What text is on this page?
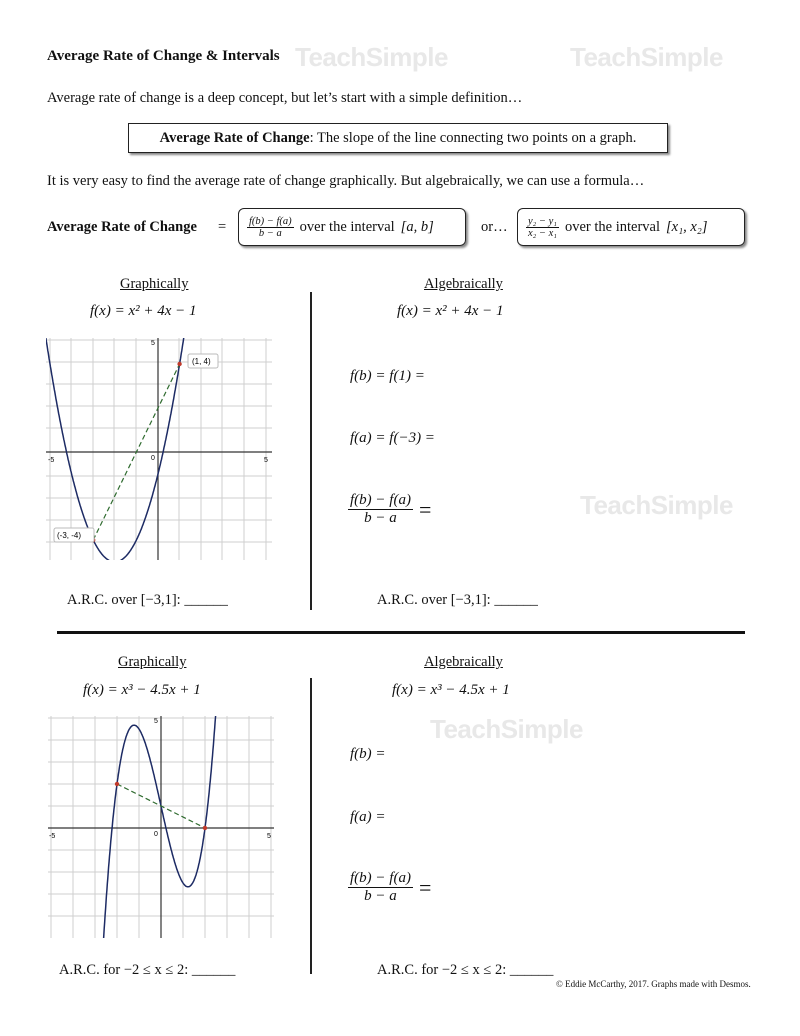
TeachSimple	TeachSimple
TeachSimple
TeachSimple
Average Rate of Change & Intervals
Average rate of change is a deep concept, but let’s start with a simple definition…
Average Rate of Change: The slope of the line connecting two points on a graph.
It is very easy to find the average rate of change graphically. But algebraically, we can use a formula…
Average Rate of Change = $\frac{f(b) - f(a)}{b - a}$ over the interval [a, b]	or… $\frac{\text{y₂ − y₁}}{\text{x₂ − x₁}}$ over the interval [x₁, x₂]
Graphically	Algebraically
f(x) = x² + 4x − 1	f(x) = x² + 4x − 1
-5	5
5
0
(-3, -4)
(1, 4)
f(b) = f(1) =
f(a) = f(−3) =
$\frac{f(b) - f(a)}{b - a}$ =
A.R.C. over [−3,1]: ______	A.R.C. over [−3,1]: ______
Graphically	Algebraically
f(x) = x³ − 4.5x + 1	f(x) = x³ − 4.5x + 1
-5	5
5
0
f(b) =
f(a) =
$\frac{f(b) - f(a)}{b - a}$ =
A.R.C. for −2 ≤ x ≤ 2: ______	A.R.C. for −2 ≤ x ≤ 2: ______
© Eddie McCarthy, 2017. Graphs made with Desmos.
